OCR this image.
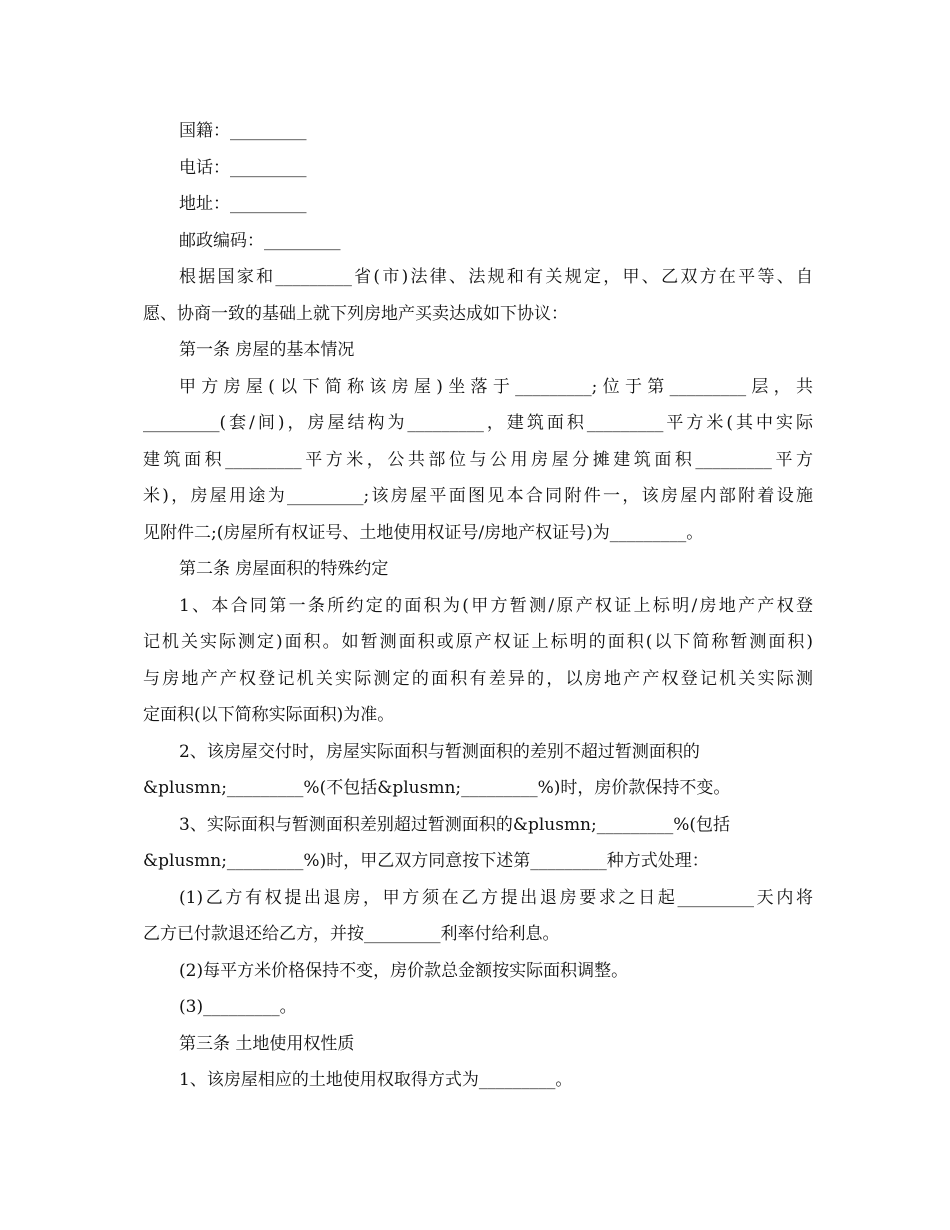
国籍：_________
电话：_________
地址：_________
邮政编码：_________
根据国家和_________省(市)法律、法规和有关规定，甲、乙双方在平等、自
愿、协商一致的基础上就下列房地产买卖达成如下协议：
第一条 房屋的基本情况
甲方房屋(以下简称该房屋)坐落于_________;位于第_________层，共
_________(套/间)，房屋结构为_________，建筑面积_________平方米(其中实际
建筑面积_________平方米，公共部位与公用房屋分摊建筑面积_________平方
米)，房屋用途为_________;该房屋平面图见本合同附件一，该房屋内部附着设施
见附件二;(房屋所有权证号、土地使用权证号/房地产权证号)为_________。
第二条 房屋面积的特殊约定
1、本合同第一条所约定的面积为(甲方暂测/原产权证上标明/房地产产权登
记机关实际测定)面积。如暂测面积或原产权证上标明的面积(以下简称暂测面积)
与房地产产权登记机关实际测定的面积有差异的，以房地产产权登记机关实际测
定面积(以下简称实际面积)为准。
2、该房屋交付时，房屋实际面积与暂测面积的差别不超过暂测面积的
&plusmn;_________%(不包括&plusmn;_________%)时，房价款保持不变。
3、实际面积与暂测面积差别超过暂测面积的&plusmn;_________%(包括
&plusmn;_________%)时，甲乙双方同意按下述第_________种方式处理：
(1)乙方有权提出退房，甲方须在乙方提出退房要求之日起_________天内将
乙方已付款退还给乙方，并按_________利率付给利息。
(2)每平方米价格保持不变，房价款总金额按实际面积调整。
(3)_________。
第三条 土地使用权性质
1、该房屋相应的土地使用权取得方式为_________。
